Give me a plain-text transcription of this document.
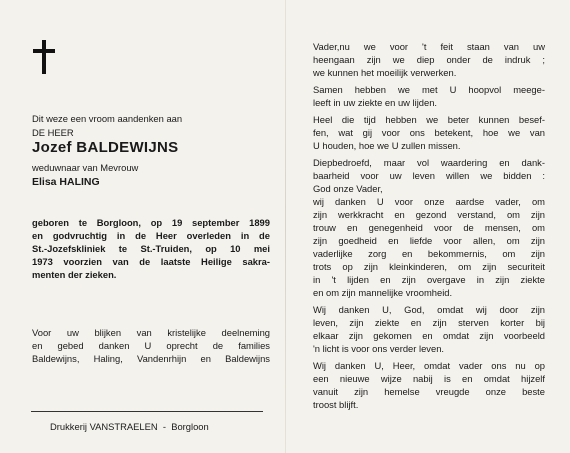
Dit weze een vroom aandenken aan
DE HEER
Jozef BALDEWIJNS
weduwnaar van Mevrouw
Elisa HALING
geboren te Borgloon, op 19 september 1899
en godvruchtig in de Heer overleden in de
St.-Jozefskliniek te St.-Truiden, op 10 mei
1973 voorzien van de laatste Heilige sakra-
menten der zieken.
Voor uw blijken van kristelijke deelneming
en gebed danken U oprecht de families
Baldewijns, Haling, Vandenrhijn en Baldewijns
Drukkerij VANSTRAELEN  -  Borgloon
Vader,nu we voor 't feit staan van uw
heengaan zijn we diep onder de indruk ;
we kunnen het moeilijk verwerken.
Samen hebben we met U hoopvol meege-
leeft in uw ziekte en uw lijden.
Heel die tijd hebben we beter kunnen besef-
fen, wat gij voor ons betekent, hoe we van
U houden, hoe we U zullen missen.
Diepbedroefd, maar vol waardering en dank-
baarheid voor uw leven willen we bidden :
God onze Vader,
wij danken U voor onze aardse vader, om
zijn werkkracht en gezond verstand, om zijn
trouw en genegenheid voor de mensen, om
zijn goedheid en liefde voor allen, om zijn
vaderlijke zorg en bekommernis, om zijn
trots op zijn kleinkinderen, om zijn securiteit
in 't lijden en zijn overgave in zijn ziekte
en om zijn mannelijke vroomheid.
Wij danken U, God, omdat wij door zijn
leven, zijn ziekte en zijn sterven korter bij
elkaar zijn gekomen en omdat zijn voorbeeld
'n licht is voor ons verder leven.
Wij danken U, Heer, omdat vader ons nu op
een nieuwe wijze nabij is en omdat hijzelf
vanuit zijn hemelse vreugde onze beste
troost blijft.
